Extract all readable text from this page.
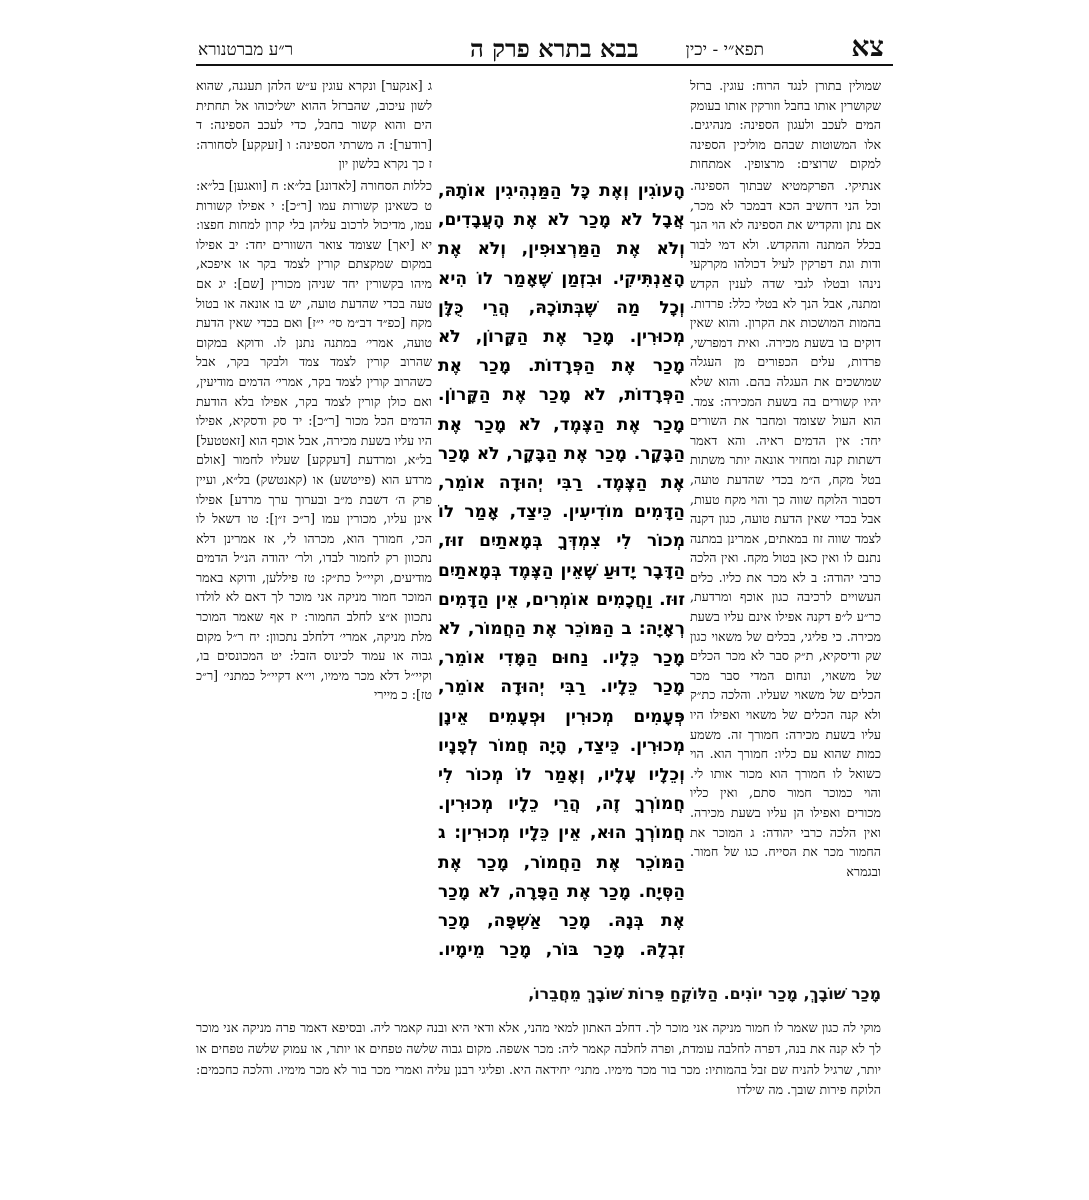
צא
תפא״י - יכין
בבא בתרא פרק ה
ר״ע מברטנורא
שמולין בתורן לנגד הרוח: עוגין. ברזל שקושרין אותו בחבל וזורקין אותו בעומק המים לעכב ולעגון הספינה: מנהיגים. אלו המשוטות שבהם מוליכין הספינה למקום שרוצים: מרצופין. אמתחות
ג [אנקער] ונקרא עוגין ע״ש הלהן תעגנה, שהוא לשון עיכוב, שהברזל ההוא ישליכוהו אל תחתית הים והוא קשור בחבל, כדי לעכב הספינה: ד [רודער]: ה משרתי הספינה: ו [זעקקע] לסחורה: ז כך נקרא בלשון יון
אנתיקי. הפרקמטיא שבתוך הספינה. וכל הני דחשיב הכא דבמכר לא מכר, אם נתן והקדיש את הספינה לא הוי הנך בכלל המתנה וההקדש. ולא דמי לבור ודות וגת דפרקין לעיל דכולהו מקרקעי נינהו ובטלו לגבי שדה לענין הקדש ומתנה, אבל הנך לא בטלי כלל: פרדות. בהמות המושכות את הקרון. והוא שאין דוקים בו בשעת מכירה. ואית דמפרשי, פרדות, עלים הכפורים מן העגלה שמושכים את העגלה בהם. והוא שלא יהיו קשורים בה בשעת המכירה: צמד. הוא העול שצומד ומחבר את השורים יחד: אין הדמים ראיה. והא דאמר דשתות קנה ומחזיר אונאה יותר משתות בטל מקח, ה״מ בכדי שהדעת טועה, דסבור הלוקח שווה כך והוי מקח טעות, אבל בכדי שאין הדעת טועה, כגון דקנה לצמד שווה זוז במאתים, אמרינן במתנה נתנם לו ואין כאן בטול מקח. ואין הלכה כרבי יהודה: ב לא מכר את כליו. כלים העשויים לרכיבה כגון אוכף ומרדעת, כר״ע ל״פ דקנה אפילו אינם עליו בשעת מכירה. כי פליגי, בכלים של משאוי כגון שק ודיסקיא, ת״ק סבר לא מכר הכלים של משאוי, ונחום המדי סבר מכר הכלים של משאוי שעליו. והלכה כת״ק ולא קנה הכלים של משאוי ואפילו היו עליו בשעת מכירה: חמורך זה. משמע כמות שהוא עם כליו: חמורך הוא. הוי כשואל לו חמורך הוא מכור אותו לי. והוי כמוכר חמור סתם, ואין כליו מכורים ואפילו הן עליו בשעת מכירה. ואין הלכה כרבי יהודה: ג המוכר את החמור מכר את הסייח. כגו של חמור. ובגמרא
כללות הסחורה [לאדונג] בל״א: ח [וואגען] בל״א: ט כשאינן קשורות עמו [ר״כ]: י אפילו קשורות עמו, מדיכול לרכוב עליהן בלי קרון למחות חפצו: יא [יאך] שצומד צואר השוורים יחד: יב אפילו במקום שמקצתם קורין לצמד בקר או איפכא, מיהו בקשורין יחד שניהן מכורין [שם]: יג אם טעה בכדי שהדעת טועה, יש בו אונאה או בטול מקח [כפ״ד דב״מ סי׳ י״ז] ואם בכדי שאין הדעת טועה, אמרי׳ במתנה נתנן לו. ודוקא במקום שהרוב קורין לצמד צמד ולבקר בקר, אבל כשהרוב קורין לצמד בקר, אמרי׳ הדמים מודיעין, ואם כולן קורין לצמד בקר, אפילו בלא הודעת הדמים הכל מכור [ר״כ]: יד סק ודסקיא, אפילו היו עליו בשעת מכירה, אבל אוכף הוא [זאטטעל] בל״א, ומרדעת [דעקקע] שעליו לחמור [אולם מרדע הוא (פייטשע) או (קאנטשק) בל״א, ועיין פרק ה׳ דשבת מ״ב ובערוך ערך מרדע] אפילו אינן עליו, מכורין עמו [ר״כ ז״ן]: טו דשאל לו הכי, חמורך הוא, מכרהו לי, אז אמרינן דלא נתכוון רק לחמור לבדו, ולר׳ יהודה הנ״ל הדמים מודיעים, וקיי״ל כת״ק: טז פיללען, ודוקא באמר המוכר חמור מניקה אני מוכר לך דאם לא לולדו נתכוון א״צ לחלב החמור: יז אף שאמר המוכר מלת מניקה, אמרי׳ דלחלב נתכוון: יח ר״ל מקום גבוה או עמוד לכינוס הזבל: יט המכונסים בו, וקיי״ל דלא מכר מימיו, וי״א דקיי״ל כמתני׳ [ר״כ טז]: כ מיירי
הָעוֹגִין וְאֶת כָּל הַמַּנְהִיגִין אוֹתָהּ, אֲבָל לֹא מָכַר לֹא אֶת הָעֲבָדִים, וְלֹא אֶת הַמַּרְצוּפִין, וְלֹא אֶת הָאַנְתִּיקִי. וּבִזְמַן שֶׁאָמַר לוֹ הִיא וְכָל מַה שֶּׁבְּתוֹכָהּ, הֲרֵי כֻּלָּן מְכוּרִין. מָכַר אֶת הַקָּרוֹן, לֹא מָכַר אֶת הַפְּרָדוֹת. מָכַר אֶת הַפְּרָדוֹת, לֹא מָכַר אֶת הַקָּרוֹן. מָכַר אֶת הַצֶּמֶד, לֹא מָכַר אֶת הַבָּקָר. מָכַר אֶת הַבָּקָר, לֹא מָכַר אֶת הַצֶּמֶד. רַבִּי יְהוּדָה אוֹמֵר, הַדָּמִים מוֹדִיעִין. כֵּיצַד, אָמַר לוֹ מְכוֹר לִי צִמְדְּךָ בְּמָאתַיִם זוּז, הַדָּבָר יָדוּעַ שֶׁאֵין הַצֶּמֶד בְּמָאתַיִם זוּז. וַחֲכָמִים אוֹמְרִים, אֵין הַדָּמִים רְאָיָה: ב הַמּוֹכֵר אֶת הַחֲמוֹר, לֹא מָכַר כֵּלָיו. נַחוּם הַמָּדִי אוֹמֵר, מָכַר כֵּלָיו. רַבִּי יְהוּדָה אוֹמֵר, פְּעָמִים מְכוּרִין וּפְעָמִים אֵינָן מְכוּרִין. כֵּיצַד, הָיָה חֲמוֹר לְפָנָיו וְכֵלָיו עָלָיו, וְאָמַר לוֹ מְכוֹר לִי חֲמוֹרְךָ זֶה, הֲרֵי כֵלָיו מְכוּרִין. חֲמוֹרְךָ הוּא, אֵין כֵּלָיו מְכוּרִין: ג הַמּוֹכֵר אֶת הַחֲמוֹר, מָכַר אֶת הַסְּיָח. מָכַר אֶת הַפָּרָה, לֹא מָכַר אֶת בְּנָהּ. מָכַר אַשְׁפָּה, מָכַר זִבְלָהּ. מָכַר בּוֹר, מָכַר מֵימָיו.
מָכַר שׁוֹבָךְ, מָכַר יוֹנִים. הַלּוֹקֵחַ פֵּרוֹת שׁוֹבָךְ מֵחֲבֵרוֹ,
מוקי לה כגון שאמר לו חמור מניקה אני מוכר לך. דחלב האתון למאי מהני, אלא ודאי היא ובנה קאמר ליה. ובסיפא דאמר פרה מניקה אני מוכר לך לא קנה את בנה, דפרה לחלבה עומדת, ופרה לחלבה קאמר ליה: מכר אשפה. מקום גבוה שלשה טפחים או יותר, או עמוק שלשה טפחים או יותר, שרגיל להניח שם זבל בהמותיו: מכר בור מכר מימיו. מתני׳ יחידאה היא. ופליגי רבנן עליה ואמרי מכר בור לא מכר מימיו. והלכה כחכמים: הלוקח פירות שובך. מה שילדו
